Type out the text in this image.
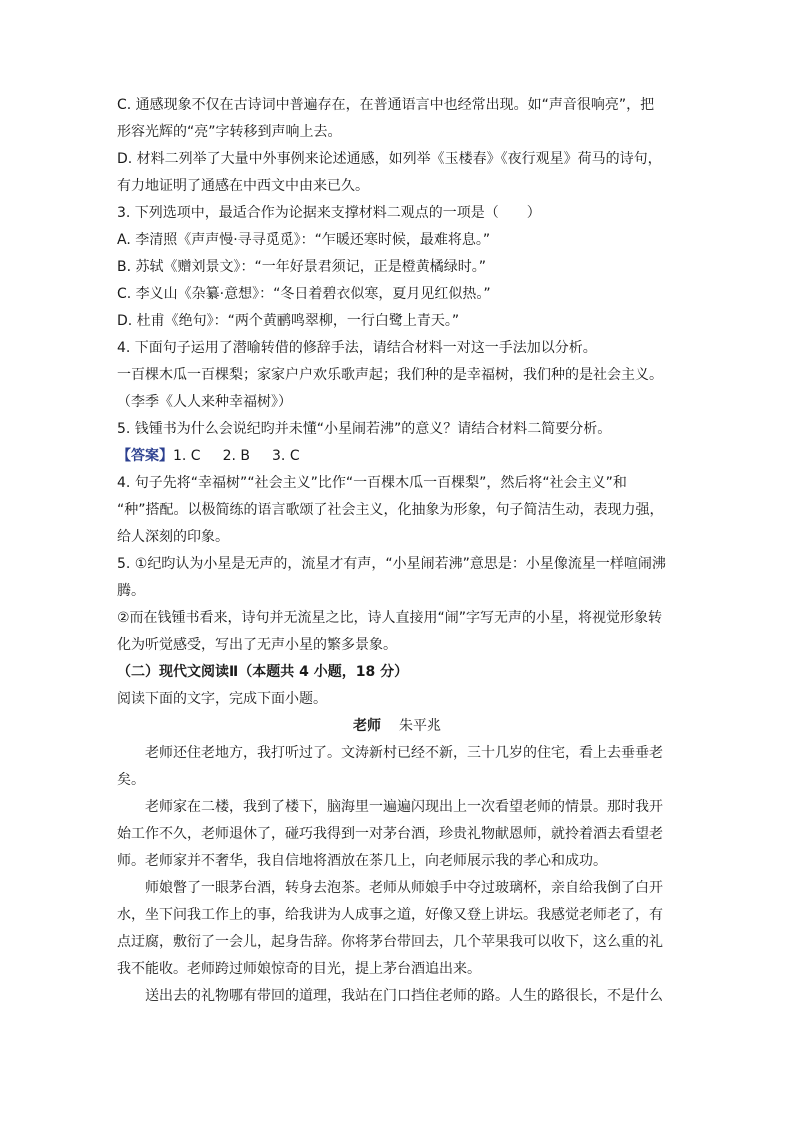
C. 通感现象不仅在古诗词中普遍存在，在普通语言中也经常出现。如“声音很响亮”，把

形容光辉的“亮”字转移到声响上去。

D. 材料二列举了大量中外事例来论述通感，如列举《玉楼春》《夜行观星》荷马的诗句，

有力地证明了通感在中西文中由来已久。

3. 下列选项中，最适合作为论据来支撑材料二观点的一项是（　　）

A. 李清照《声声慢·寻寻觅觅》：“乍暖还寒时候，最难将息。”

B. 苏轼《赠刘景文》：“一年好景君须记，正是橙黄橘绿时。”

C. 李义山《杂纂·意想》：“冬日着碧衣似寒，夏月见红似热。”

D. 杜甫《绝句》：“两个黄鹂鸣翠柳，一行白鹭上青天。”

4. 下面句子运用了潜喻转借的修辞手法，请结合材料一对这一手法加以分析。

一百棵木瓜一百棵梨；家家户户欢乐歌声起；我们种的是幸福树，我们种的是社会主义。

（李季《人人来种幸福树》）

5. 钱锺书为什么会说纪昀并未懂“小星闹若沸”的意义？请结合材料二简要分析。

【答案】1. C 2. B 3. C

4. 句子先将“幸福树”“社会主义”比作“一百棵木瓜一百棵梨”，然后将“社会主义”和

“种”搭配。以极简练的语言歌颂了社会主义，化抽象为形象，句子简洁生动，表现力强，

给人深刻的印象。

5. ①纪昀认为小星是无声的，流星才有声，“小星闹若沸”意思是：小星像流星一样喧闹沸

腾。

②而在钱锺书看来，诗句并无流星之比，诗人直接用“闹”字写无声的小星，将视觉形象转

化为听觉感受，写出了无声小星的繁多景象。

（二）现代文阅读Ⅱ（本题共 4 小题，18 分）

阅读下面的文字，完成下面小题。

老师 朱平兆

老师还住老地方，我打听过了。文涛新村已经不新，三十几岁的住宅，看上去垂垂老

矣。

老师家在二楼，我到了楼下，脑海里一遍遍闪现出上一次看望老师的情景。那时我开

始工作不久，老师退休了，碰巧我得到一对茅台酒，珍贵礼物献恩师，就拎着酒去看望老

师。老师家并不奢华，我自信地将酒放在茶几上，向老师展示我的孝心和成功。

师娘瞥了一眼茅台酒，转身去泡茶。老师从师娘手中夺过玻璃杯，亲自给我倒了白开

水，坐下问我工作上的事，给我讲为人成事之道，好像又登上讲坛。我感觉老师老了，有

点迂腐，敷衍了一会儿，起身告辞。你将茅台带回去，几个苹果我可以收下，这么重的礼

我不能收。老师跨过师娘惊奇的目光，提上茅台酒追出来。

送出去的礼物哪有带回的道理，我站在门口挡住老师的路。人生的路很长，不是什么
